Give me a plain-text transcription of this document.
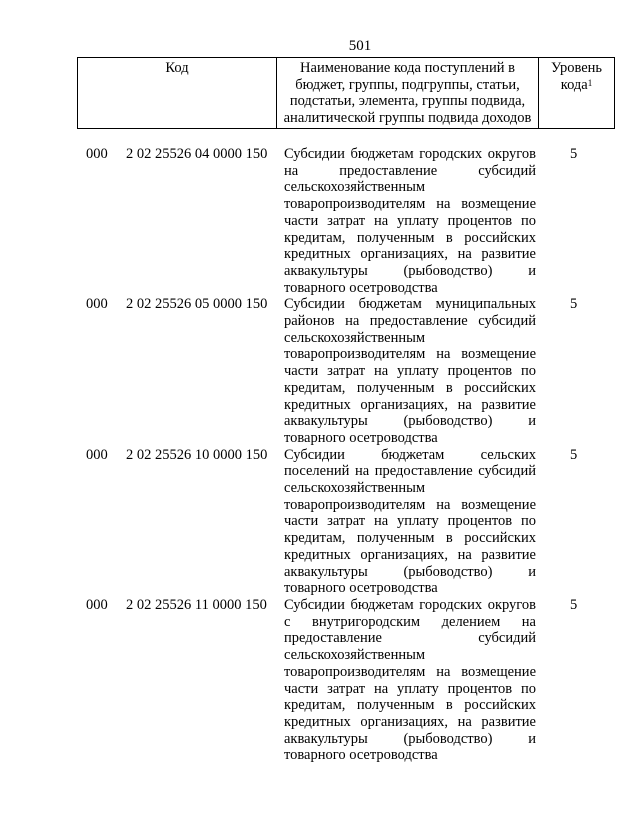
501
Код	Наименование кода поступлений в бюджет, группы, подгруппы, статьи, подстатьи, элемента, группы подвида, аналитической группы подвида доходов
Уровень кода$^1$
000 2 02 25526 04 0000 150 Субсидии бюджетам городских округов на предоставление субсидий сельскохозяйственным товаропроизводителям на возмещение части затрат на уплату процентов по кредитам, полученным в российских кредитных организациях, на развитие аквакультуры (рыбоводство) и товарного осетроводства
5
000 2 02 25526 05 0000 150 Субсидии бюджетам муниципальных районов на предоставление субсидий сельскохозяйственным товаропроизводителям на возмещение части затрат на уплату процентов по кредитам, полученным в российских кредитных организациях, на развитие аквакультуры (рыбоводство) и товарного осетроводства
5
000 2 02 25526 10 0000 150 Субсидии бюджетам сельских поселений на предоставление субсидий сельскохозяйственным товаропроизводителям на возмещение части затрат на уплату процентов по кредитам, полученным в российских кредитных организациях, на развитие аквакультуры (рыбоводство) и товарного осетроводства
5
000 2 02 25526 11 0000 150 Субсидии бюджетам городских округов с внутригородским делением на предоставление субсидий сельскохозяйственным товаропроизводителям на возмещение части затрат на уплату процентов по кредитам, полученным в российских кредитных организациях, на развитие аквакультуры (рыбоводство) и товарного осетроводства
5
